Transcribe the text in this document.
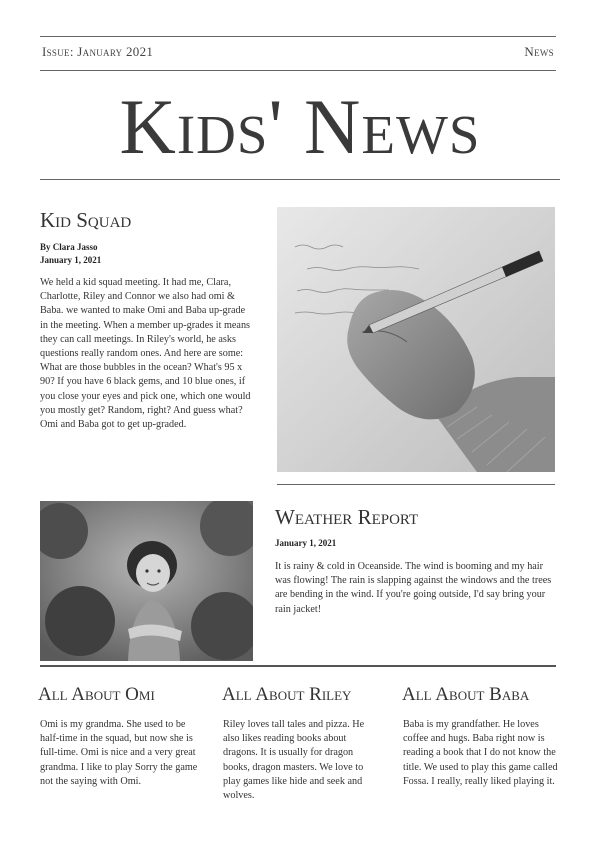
Issue: January 2021	News
Kids' News
Kid Squad
By Clara Jasso
January 1, 2021
We held a kid squad meeting. It had me, Clara, Charlotte, Riley and Connor we also had omi & Baba. we wanted to make Omi and Baba up-grade in the meeting. When a member up-grades it means they can call meetings. In Riley's world, he asks questions really random ones. And here are some: What are those bubbles in the ocean? What's 95 x 90? If you have 6 black gems, and 10 blue ones, if you close your eyes and pick one, which one would you mostly get? Random, right? And guess what? Omi and Baba got to get up-graded.
Weather Report
January 1, 2021
It is rainy & cold in Oceanside. The wind is booming and my hair was flowing! The rain is slapping against the windows and the trees are bending in the wind. If you're going outside, I'd say bring your rain jacket!
All About Omi
Omi is my grandma. She used to be half-time in the squad, but now she is full-time. Omi is nice and a very great grandma. I like to play Sorry the game not the saying with Omi.
All About Riley
Riley loves tall tales and pizza. He also likes reading books about dragons. It is usually for dragon books, dragon masters. We love to play games like hide and seek and wolves.
All About Baba
Baba is my grandfather. He loves coffee and hugs. Baba right now is reading a book that I do not know the title. We used to play this game called Fossa. I really, really liked playing it.
